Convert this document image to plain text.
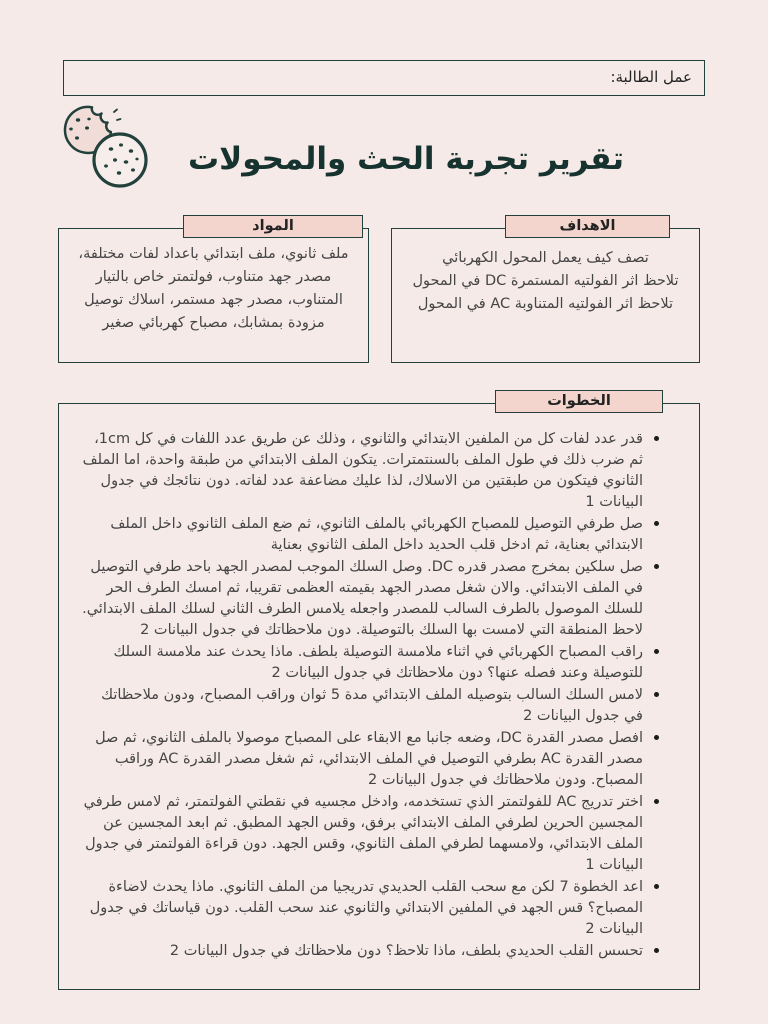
عمل الطالبة:
تقرير تجربة الحث والمحولات
ملف ثانوي، ملف ابتدائي باعداد لفات مختلفة، مصدر جهد متناوب، فولتمتر خاص بالتيار المتناوب، مصدر جهد مستمر، اسلاك توصيل مزودة بمشابك، مصباح كهربائي صغير
المواد
تصف كيف يعمل المحول الكهربائي
تلاحظ اثر الفولتيه المستمرة DC في المحول
تلاحظ اثر الفولتيه المتناوبة AC في المحول
الاهداف
• قدر عدد لفات كل من الملفين الابتدائي والثانوي ، وذلك عن طريق عدد اللفات في كل 1cm، ثم ضرب ذلك في طول الملف بالسنتمترات. يتكون الملف الابتدائي من طبقة واحدة، اما الملف الثانوي فيتكون من طبقتين من الاسلاك، لذا عليك مضاعفة عدد لفاته. دون نتائجك في جدول البيانات 1
• صل طرفي التوصيل للمصباح الكهربائي بالملف الثانوي، ثم ضع الملف الثانوي داخل الملف الابتدائي بعناية، ثم ادخل قلب الحديد داخل الملف الثانوي بعناية
• صل سلكين بمخرج مصدر قدره DC. وصل السلك الموجب لمصدر الجهد باحد طرفي التوصيل في الملف الابتدائي. والان شغل مصدر الجهد بقيمته العظمى تقريبا، ثم امسك الطرف الحر للسلك الموصول بالطرف السالب للمصدر واجعله يلامس الطرف الثاني لسلك الملف الابتدائي. لاحظ المنطقة التي لامست بها السلك بالتوصيلة. دون ملاحظاتك في جدول البيانات 2
• راقب المصباح الكهربائي في اثناء ملامسة التوصيلة بلطف. ماذا يحدث عند ملامسة السلك للتوصيلة وعند فصله عنها؟ دون ملاحظاتك في جدول البيانات 2
• لامس السلك السالب بتوصيله الملف الابتدائي مدة 5 ثوان وراقب المصباح، ودون ملاحظاتك في جدول البيانات 2
• افصل مصدر القدرة DC، وضعه جانبا مع الابقاء على المصباح موصولا بالملف الثانوي، ثم صل مصدر القدرة AC بطرفي التوصيل في الملف الابتدائي، ثم شغل مصدر القدرة AC وراقب المصباح. ودون ملاحظاتك في جدول البيانات 2
• اختر تدريج AC للفولتمتر الذي تستخدمه، وادخل مجسيه في نقطتي الفولتمتر، ثم لامس طرفي المجسين الحرين لطرفي الملف الابتدائي برفق، وقس الجهد المطبق. ثم ابعد المجسين عن الملف الابتدائي، ولامسهما لطرفي الملف الثانوي، وقس الجهد. دون قراءة الفولتمتر في جدول البيانات 1
• اعد الخطوة 7 لكن مع سحب القلب الحديدي تدريجيا من الملف الثانوي. ماذا يحدث لاضاءة المصباح؟ قس الجهد في الملفين الابتدائي والثانوي عند سحب القلب. دون قياساتك في جدول البيانات 2
• تحسس القلب الحديدي بلطف، ماذا تلاحظ؟ دون ملاحظاتك في جدول البيانات 2
الخطوات
